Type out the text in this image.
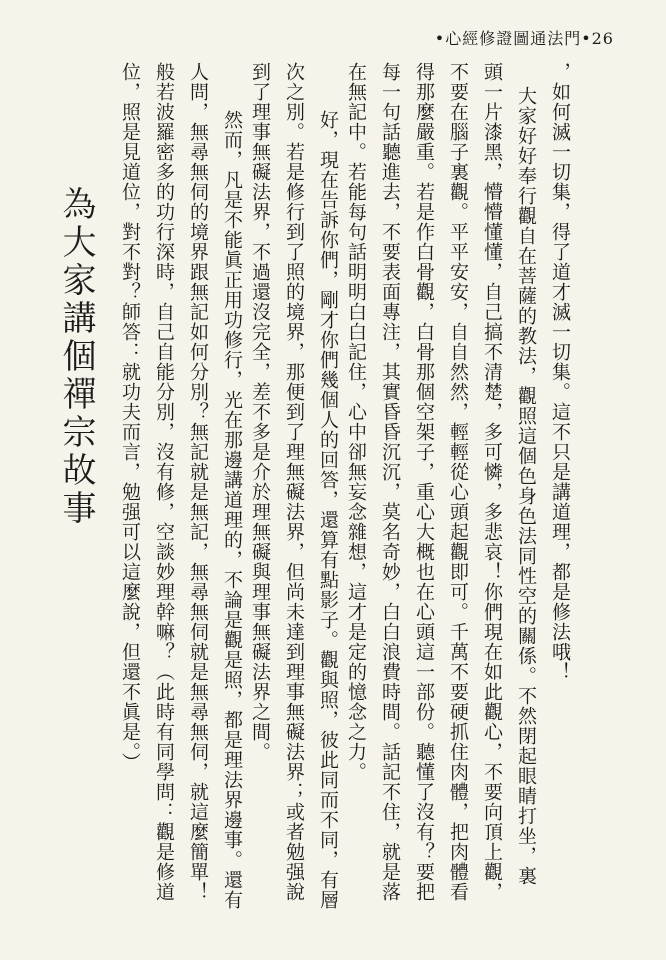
•心經修證圖通法門•26
，如何滅一切集，得了道才滅一切集。這不只是講道理，都是修法哦！
大家好好奉行觀自在菩薩的教法，觀照這個色身色法同性空的關係。不然閉起眼睛打坐，裏
頭一片漆黑，懵懵懂懂，自己搞不清楚，多可憐，多悲哀！你們現在如此觀心，不要向頂上觀，
不要在腦子裏觀。平平安安，自自然然，輕輕從心頭起觀即可。千萬不要硬抓住肉體，把肉體看
得那麼嚴重。若是作白骨觀，白骨那個空架子，重心大概也在心頭這一部份。聽懂了沒有？要把
每一句話聽進去，不要表面專注，其實昏昏沉沉，莫名奇妙，白白浪費時間。話記不住，就是落
在無記中。若能每句話明明白白記住，心中卻無妄念雜想，這才是定的憶念之力。
好，現在告訴你們，剛才你們幾個人的回答，還算有點影子。觀與照，彼此同而不同，有層
次之別。若是修行到了照的境界，那便到了理無礙法界，但尚未達到理事無礙法界；或者勉强說
到了理事無礙法界，不過還沒完全，差不多是介於理無礙與理事無礙法界之間。
然而，凡是不能眞正用功修行，光在那邊講道理的，不論是觀是照，都是理法界邊事。還有
人問，無尋無伺的境界跟無記如何分別？無記就是無記，無尋無伺就是無尋無伺，就這麼簡單！
般若波羅密多的功行深時，自己自能分別，沒有修，空談妙理幹嘛？（此時有同學問：觀是修道
位，照是見道位，對不對？師答：就功夫而言，勉强可以這麼說，但還不眞是。）
為大家講個禪宗故事
